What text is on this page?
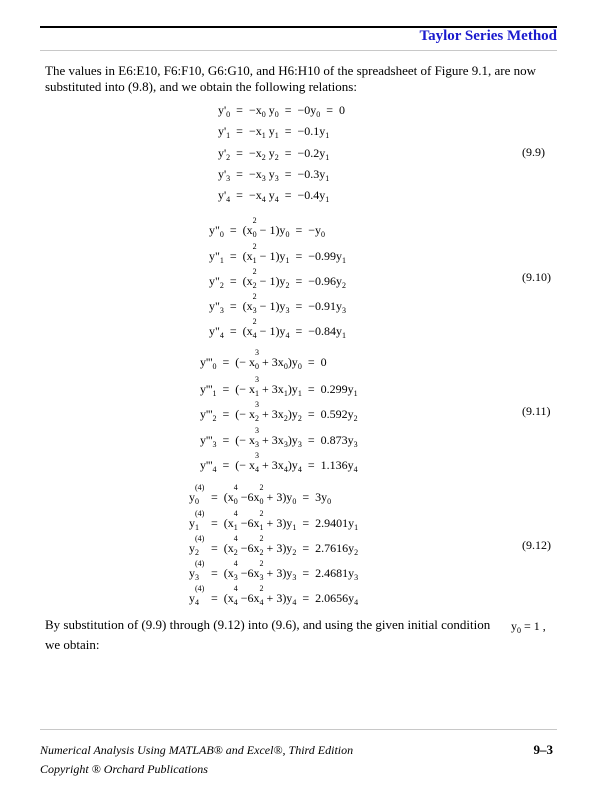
Taylor Series Method
The values in E6:E10, F6:F10, G6:G10, and H6:H10 of the spreadsheet of Figure 9.1, are now substituted into (9.8), and we obtain the following relations:
$y'_0 = -x_0$ $y_0 = -0y_0 = 0$
$y'_1 = -x_1$ $y_1 = -0.1y_1$
$y'_2 = -x_2$ $y_2 = -0.2y_1$
$y'_3 = -x_3$ $y_3 = -0.3y_1$
$y'_4 = -x_4$ $y_4 = -0.4y_1$
(9.9)
$y"_0 = (x$
2
$_0 - 1)y_0 = -y_0$
$y"_1 = (x$
2
$_1 - 1)y_1 = -0.99y_1$
$y"_2 = (x$
2
$_2 - 1)y_2 = -0.96y_2$
$y"_3 = (x$
2
$_3 - 1)y_3 = -0.91y_3$
$y"_4 = (x$
2
$_4 - 1)y_4 = -0.84y_1$
(9.10)
$y'''_0$  =  (− x
3
$_0 + 3x_0)y_0 = 0$
$y'''_1$  =  (− x
3
$_1 + 3x_1)y_1 = 0.299y_1$
$y'''_2$  =  (− x
3
$_2 + 3x_2)y_2 = 0.592y_2$
$y'''_3$  =  (− x
3
$_3 + 3x_3)y_3 = 0.873y_3$
$y'''_4$  =  (− x
3
$_4 + 3x_4)y_4 = 1.136y_4$
(9.11)
y
(4)
$_0$    =  (x
4
$_0$ −6x
2
$_0 + 3)y_0 = 3y_0$
y
(4)
$_1$    =  (x
4
$_1$ −6x
2
$_1 + 3)y_1 = 2.9401y_1$
y
(4)
$_2$    =  (x
4
$_2$ −6x
2
$_2 + 3)y_2 = 2.7616y_2$
y
(4)
$_3$    =  (x
4
$_3$ −6x
2
$_3 + 3)y_3 = 2.4681y_3$
y
(4)
$_4$    =  (x
4
$_4$ −6x
2
$_4 + 3)y_4 = 2.0656y_4$
(9.12)
By substitution of (9.9) through (9.12) into (9.6), and using the given initial condition	$y_0 = 1$ ,
we obtain:
Numerical Analysis Using MATLAB® and Excel®, Third Edition
Copyright ® Orchard Publications
9–3
